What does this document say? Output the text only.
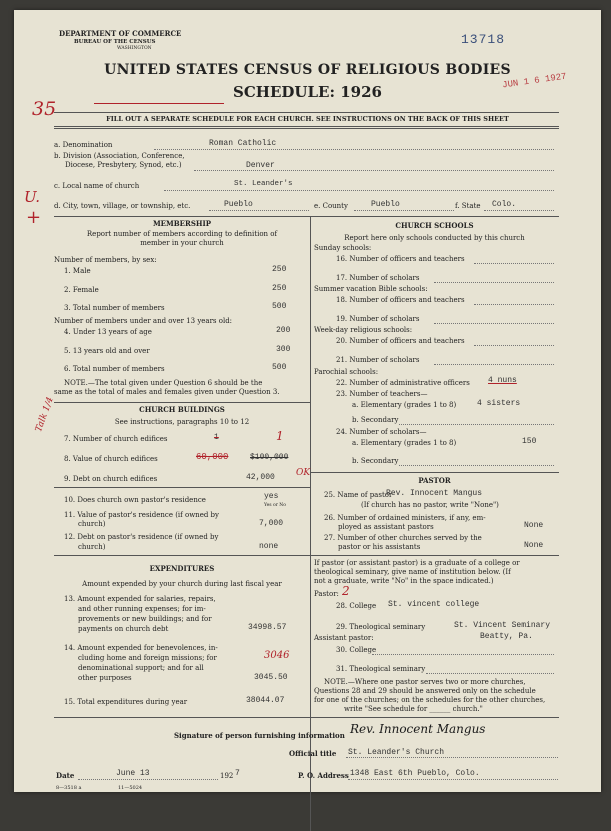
DEPARTMENT OF COMMERCE
BUREAU OF THE CENSUS
WASHINGTON
13718
JUN 1 6 1927
UNITED STATES CENSUS OF RELIGIOUS BODIES
SCHEDULE: 1926
35	FILL OUT A SEPARATE SCHEDULE FOR EACH CHURCH. SEE INSTRUCTIONS ON THE BACK OF THIS SHEET
a. Denomination	Roman Catholic
b. Division (Association, Conference,
Diocese, Presbytery, Synod, etc.)	Denver
U.
+
c. Local name of church	St. Leander's
d. City, town, village, or township, etc.	Pueblo	e. County	Pueblo	f. State Colo.
MEMBERSHIP
Report number of members according to definition of
member in your church
Number of members, by sex:
1. Male	250
2. Female	250
3. Total number of members	500
Number of members under and over 13 years old:
4. Under 13 years of age	200
5. 13 years old and over	300
6. Total number of members	500
NOTE.—The total given under Question 6 should be the
same as the total of males and females given under Question 3.
CHURCH BUILDINGS
See instructions, paragraphs 10 to 12
Talk 1/4
7. Number of church edifices	1	1
8. Value of church edifices	60,000	$100,000
9. Debt on church edifices	42,000 OK
10. Does church own pastor's residence	yes
Yes or No
11. Value of pastor's residence (if owned by
church)	7,000
12. Debt on pastor's residence (if owned by
church)	none
EXPENDITURES
Amount expended by your church during last fiscal year
13. Amount expended for salaries, repairs,
and other running expenses; for im-
provements or new buildings; and for
payments on church debt	34998.57
14. Amount expended for benevolences, in-
cluding home and foreign missions; for
denominational support; and for all
other purposes
3046
3045.50
15. Total expenditures during year	38044.07
CHURCH SCHOOLS
Report here only schools conducted by this church
Sunday schools:
16. Number of officers and teachers
17. Number of scholars
Summer vacation Bible schools:
18. Number of officers and teachers
19. Number of scholars
Week-day religious schools:
20. Number of officers and teachers
21. Number of scholars
Parochial schools:
22. Number of administrative officers 4 nuns
23. Number of teachers—
a. Elementary (grades 1 to 8)	4 sisters
b. Secondary
24. Number of scholars—
a. Elementary (grades 1 to 8)	150
b. Secondary
PASTOR
25. Name of pastor
Rev. Innocent Mangus
(If church has no pastor, write "None")
26. Number of ordained ministers, if any, em-
ployed as assistant pastors	None
27. Number of other churches served by the
pastor or his assistants	None
If pastor (or assistant pastor) is a graduate of a college or
theological seminary, give name of institution below. (If
not a graduate, write "No" in the space indicated.)
Pastor: 2
28. College St. vincent college
29. Theological seminary	St. Vincent Seminary
Assistant pastor:	Beatty, Pa.
30. College
31. Theological seminary
NOTE.—Where one pastor serves two or more churches,
Questions 28 and 29 should be answered only on the schedule
for one of the churches; on the schedules for the other churches,
write "See schedule for ______ church."
Signature of person furnishing information Rev. Innocent Mangus
Official title St. Leander's Church
Date	June 13	192 7	P. O. Address 1348 East 6th Pueblo, Colo.
8—3518 a	11—5024
